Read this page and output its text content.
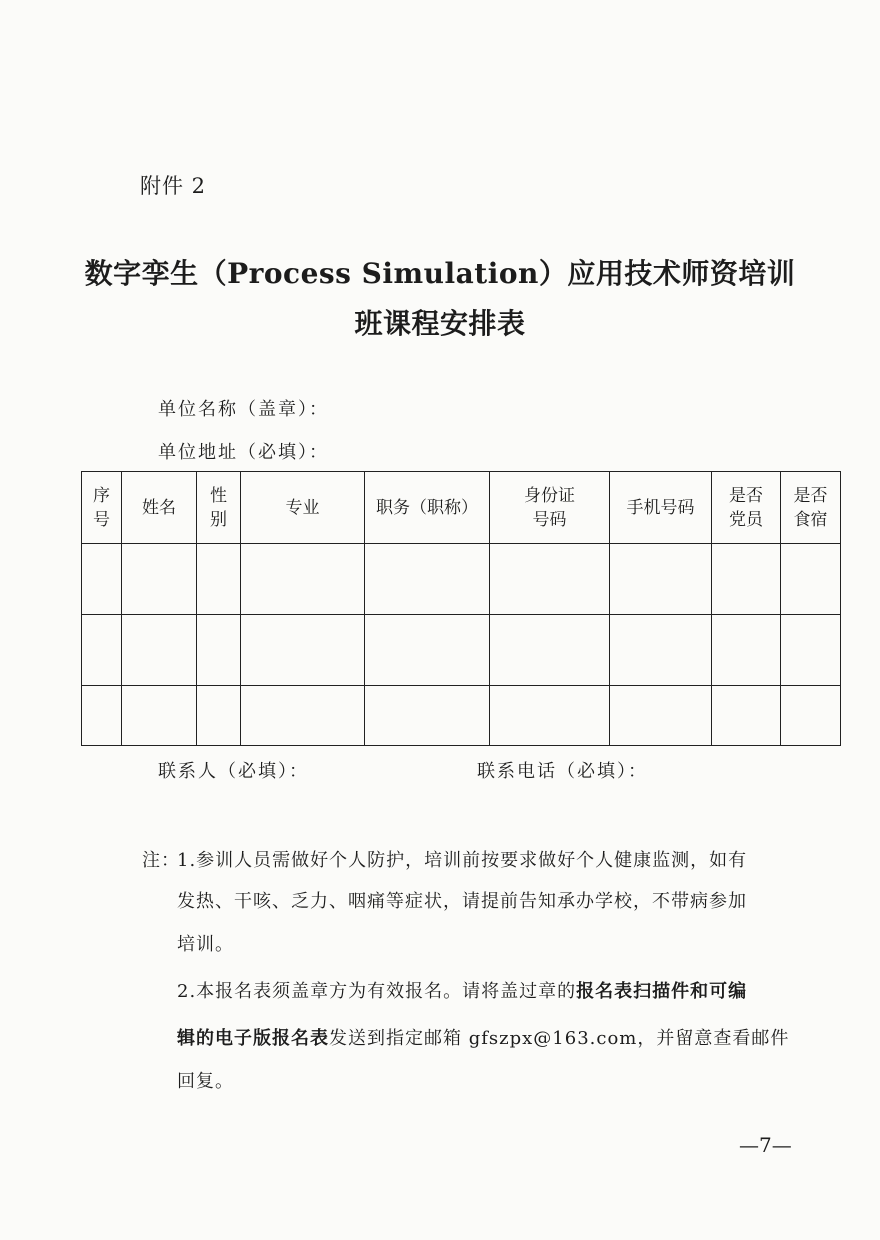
附件 2
数字孪生（Process Simulation）应用技术师资培训
班课程安排表
单位名称（盖章）：
单位地址（必填）：
序号	姓名	性别	专业	职务（职称）	身份证号码	手机号码	是否党员	是否食宿

联系人（必填）：	联系电话（必填）：
注：
1.参训人员需做好个人防护，培训前按要求做好个人健康监测，如有
发热、干咳、乏力、咽痛等症状，请提前告知承办学校，不带病参加
培训。
2.本报名表须盖章方为有效报名。请将盖过章的报名表扫描件和可编
辑的电子版报名表发送到指定邮箱 gfszpx@163.com，并留意查看邮件
回复。
—7—
